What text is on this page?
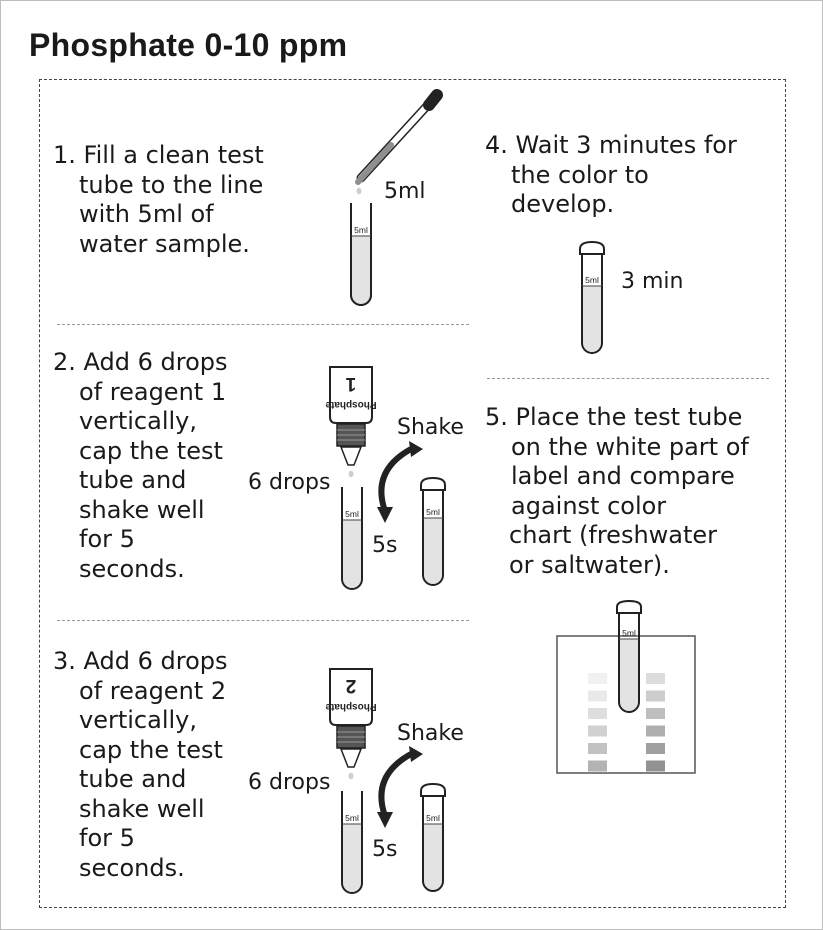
Phosphate 0-10 ppm
1. Fill a clean test
tube to the line
with 5ml of
water sample.
2. Add 6 drops
of reagent 1
vertically,
cap the test
tube and
shake well
for 5
seconds.
3. Add 6 drops
of reagent 2
vertically,
cap the test
tube and
shake well
for 5
seconds.
4. Wait 3 minutes for
the color to
develop.
5. Place the test tube
on the white part of
label and compare
against color
chart (freshwater
or saltwater).
5ml
5ml
1
Phosphate
6 drops
5ml
Shake
5s
5ml
2
Phosphate
6 drops
5ml
Shake
5s
5ml
5ml 3 min
5ml
